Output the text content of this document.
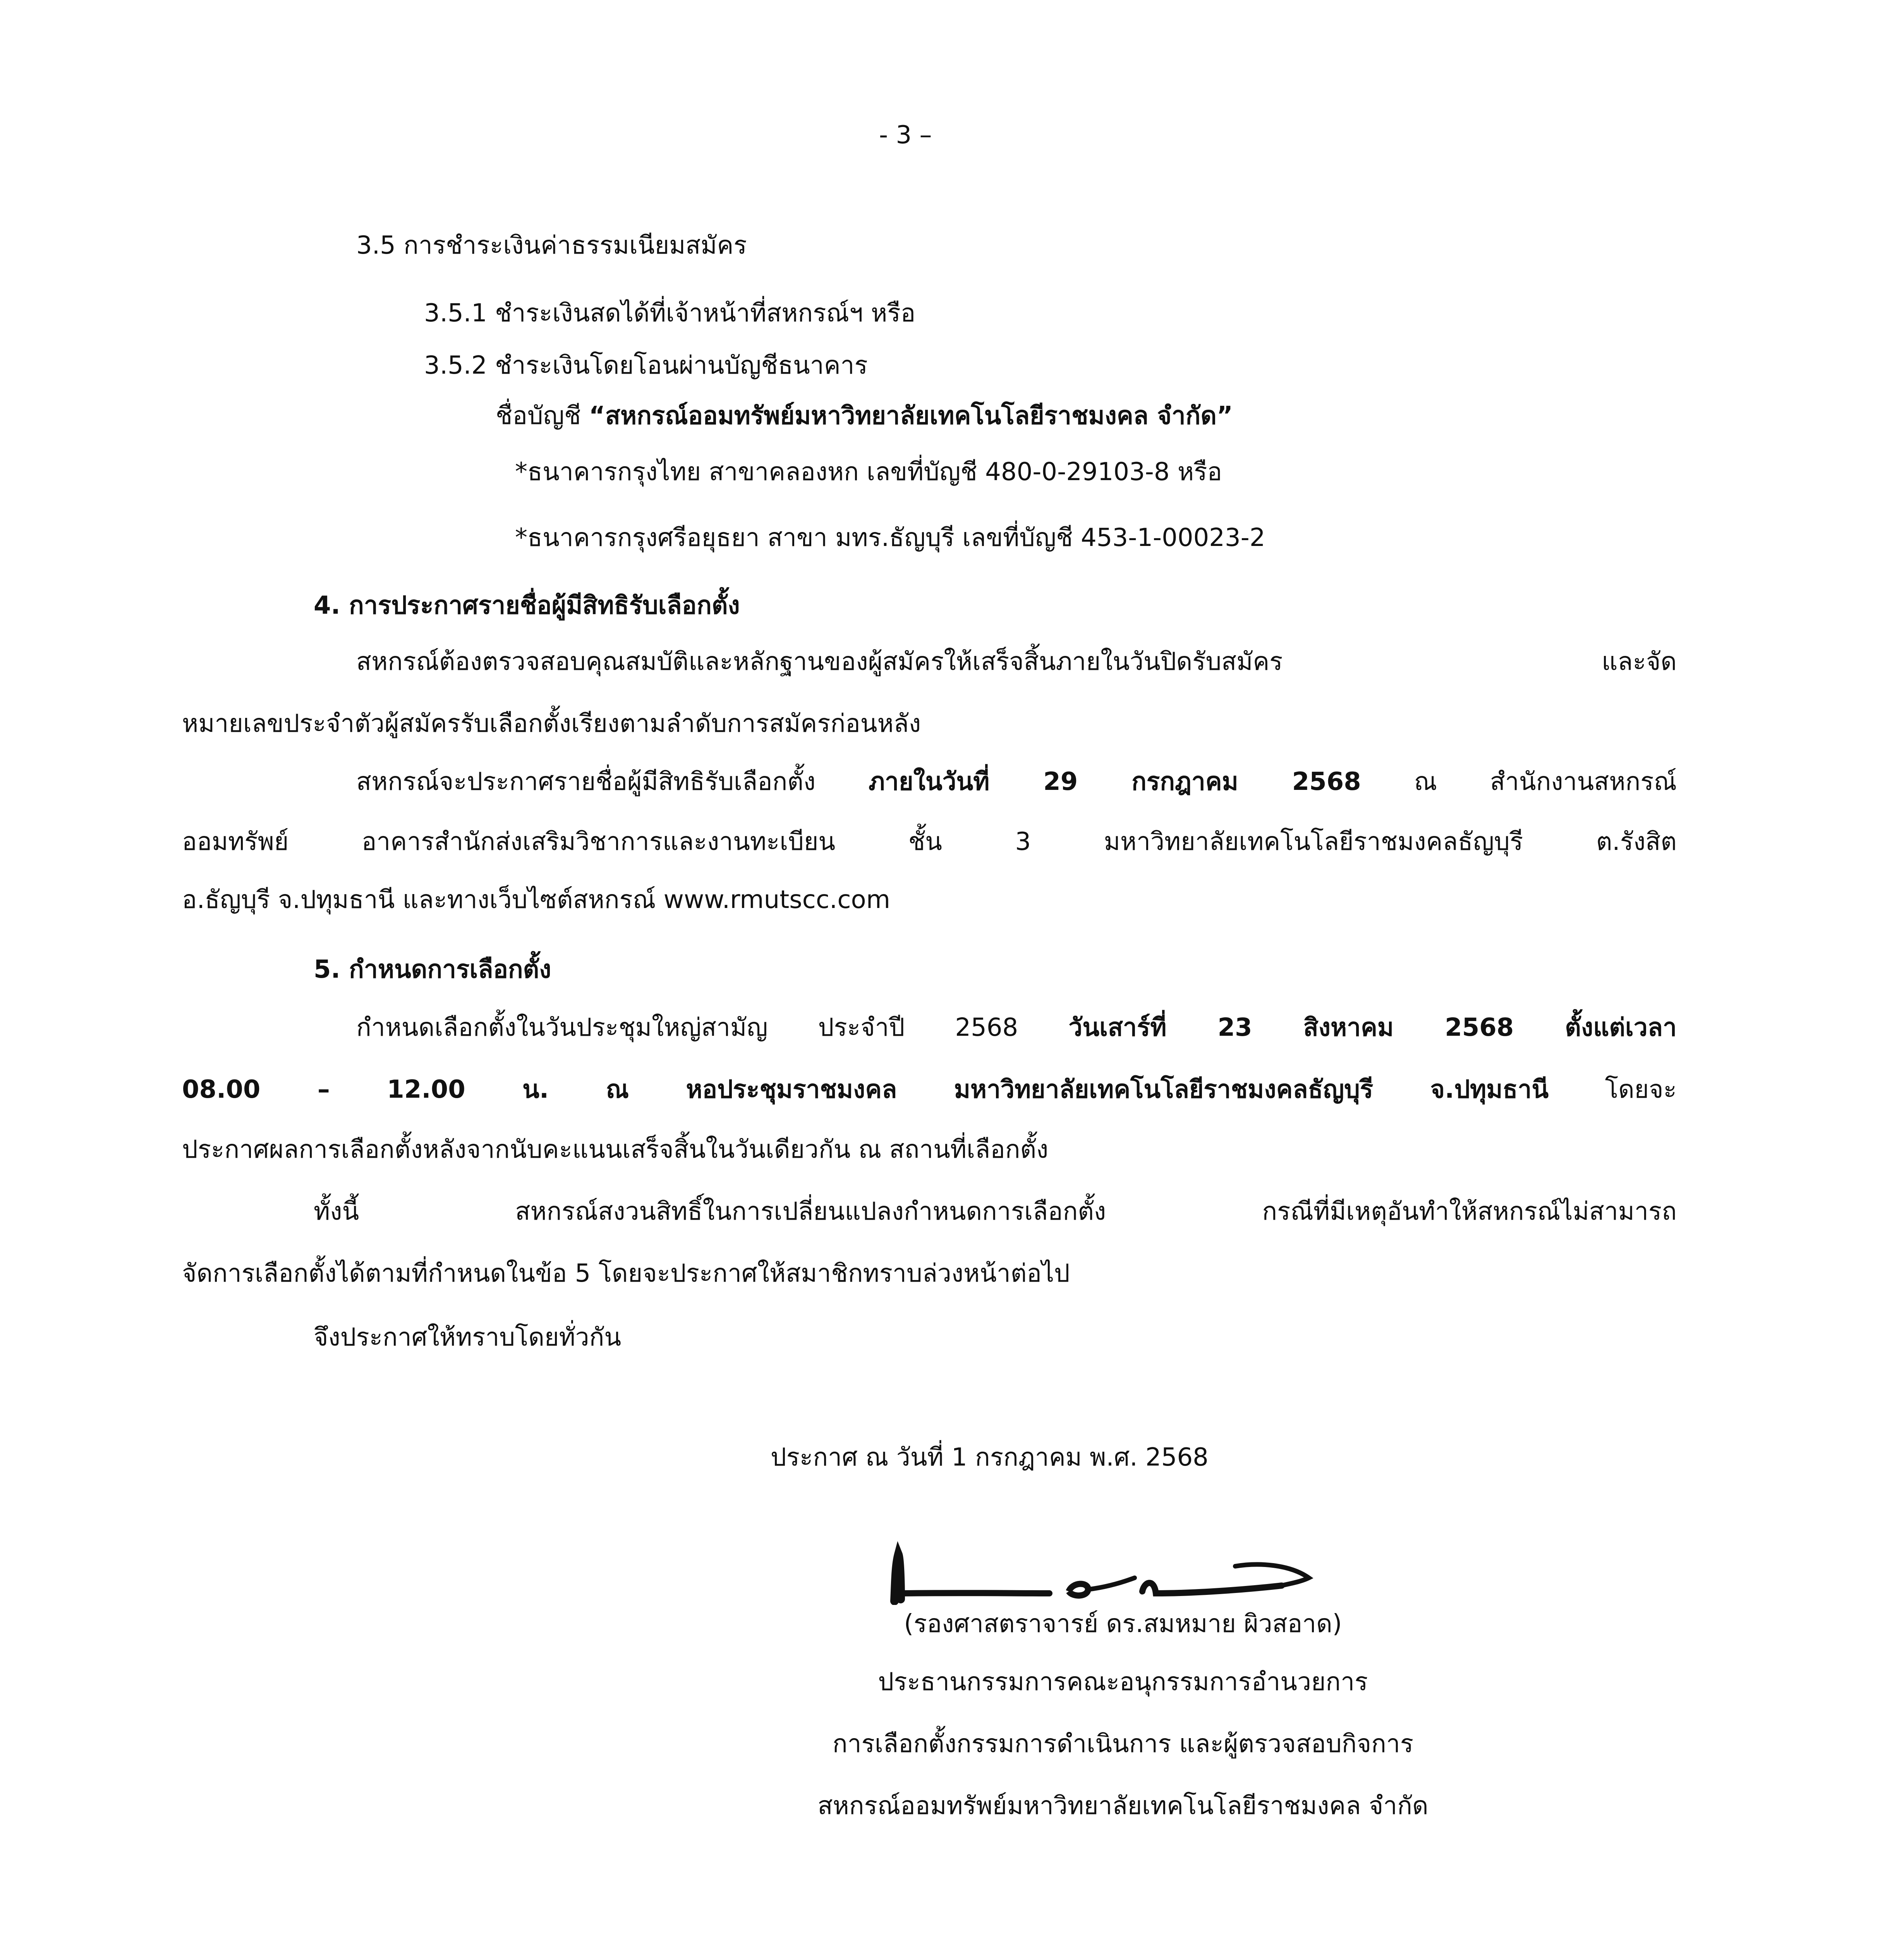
- 3 –
3.5 การชำระเงินค่าธรรมเนียมสมัคร
3.5.1 ชำระเงินสดได้ที่เจ้าหน้าที่สหกรณ์ฯ หรือ
3.5.2 ชำระเงินโดยโอนผ่านบัญชีธนาคาร
ชื่อบัญชี “สหกรณ์ออมทรัพย์มหาวิทยาลัยเทคโนโลยีราชมงคล จำกัด”
*ธนาคารกรุงไทย สาขาคลองหก เลขที่บัญชี 480-0-29103-8 หรือ
*ธนาคารกรุงศรีอยุธยา สาขา มทร.ธัญบุรี เลขที่บัญชี 453-1-00023-2
4. การประกาศรายชื่อผู้มีสิทธิรับเลือกตั้ง
สหกรณ์ต้องตรวจสอบคุณสมบัติและหลักฐานของผู้สมัครให้เสร็จสิ้นภายในวันปิดรับสมัคร และจัด
หมายเลขประจำตัวผู้สมัครรับเลือกตั้งเรียงตามลำดับการสมัครก่อนหลัง
สหกรณ์จะประกาศรายชื่อผู้มีสิทธิรับเลือกตั้ง ภายในวันที่ 29 กรกฎาคม 2568 ณ สำนักงานสหกรณ์
ออมทรัพย์ อาคารสำนักส่งเสริมวิชาการและงานทะเบียน ชั้น 3 มหาวิทยาลัยเทคโนโลยีราชมงคลธัญบุรี ต.รังสิต
อ.ธัญบุรี จ.ปทุมธานี และทางเว็บไซต์สหกรณ์ www.rmutscc.com
5. กำหนดการเลือกตั้ง
กำหนดเลือกตั้งในวันประชุมใหญ่สามัญ ประจำปี 2568 วันเสาร์ที่ 23 สิงหาคม 2568 ตั้งแต่เวลา
08.00 – 12.00 น. ณ หอประชุมราชมงคล มหาวิทยาลัยเทคโนโลยีราชมงคลธัญบุรี จ.ปทุมธานี โดยจะ
ประกาศผลการเลือกตั้งหลังจากนับคะแนนเสร็จสิ้นในวันเดียวกัน ณ สถานที่เลือกตั้ง
ทั้งนี้ สหกรณ์สงวนสิทธิ์ในการเปลี่ยนแปลงกำหนดการเลือกตั้ง กรณีที่มีเหตุอันทำให้สหกรณ์ไม่สามารถ
จัดการเลือกตั้งได้ตามที่กำหนดในข้อ 5 โดยจะประกาศให้สมาชิกทราบล่วงหน้าต่อไป
จึงประกาศให้ทราบโดยทั่วกัน
ประกาศ ณ วันที่ 1 กรกฎาคม พ.ศ. 2568
(รองศาสตราจารย์ ดร.สมหมาย ผิวสอาด)
ประธานกรรมการคณะอนุกรรมการอำนวยการ
การเลือกตั้งกรรมการดำเนินการ และผู้ตรวจสอบกิจการ
สหกรณ์ออมทรัพย์มหาวิทยาลัยเทคโนโลยีราชมงคล จำกัด
